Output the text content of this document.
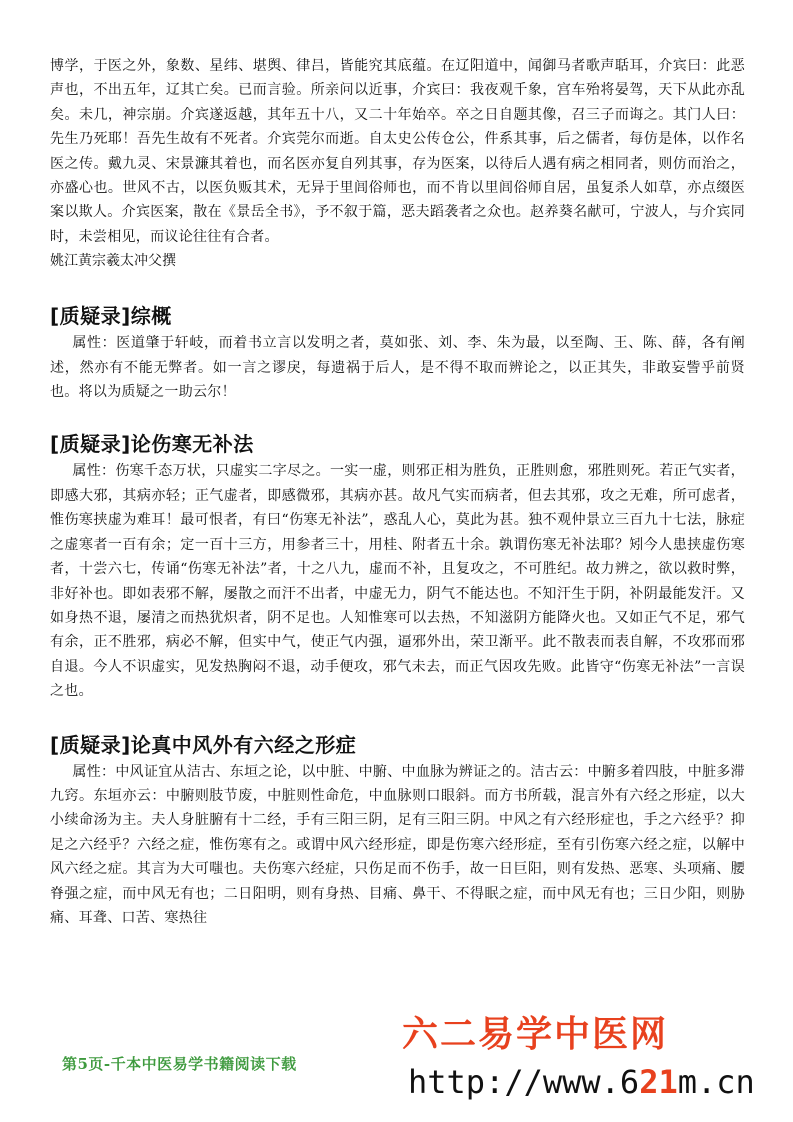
博学，于医之外，象数、星纬、堪舆、律吕，皆能究其底蕴。在辽阳道中，闻御马者歌声聒耳，介宾曰：此恶声也，不出五年，辽其亡矣。已而言验。所亲问以近事，介宾曰：我夜观千象，宫车殆将晏驾，天下从此亦乱矣。未几，神宗崩。介宾遂返越，其年五十八，又二十年始卒。卒之日自题其像，召三子而诲之。其门人曰：先生乃死耶！吾先生故有不死者。介宾莞尔而逝。自太史公传仓公，件系其事，后之儒者，每仿是体，以作名医之传。戴九灵、宋景濂其着也，而名医亦复自列其事，存为医案，以待后人遇有病之相同者，则仿而治之，亦盛心也。世风不古，以医负贩其术，无异于里闾俗师也，而不肯以里闾俗师自居，虽复杀人如草，亦点缀医案以欺人。介宾医案，散在《景岳全书》，予不叙于篇，恶夫蹈袭者之众也。赵养葵名献可，宁波人，与介宾同时，未尝相见，而议论往往有合者。

姚江黄宗羲太冲父撰

[质疑录]综概

属性：医道肇于轩岐，而着书立言以发明之者，莫如张、刘、李、朱为最，以至陶、王、陈、薛，各有阐述，然亦有不能无弊者。如一言之谬戾，每遗祸于后人，是不得不取而辨论之，以正其失，非敢妄訾乎前贤也。将以为质疑之一助云尔！

[质疑录]论伤寒无补法

属性：伤寒千态万状，只虚实二字尽之。一实一虚，则邪正相为胜负，正胜则愈，邪胜则死。若正气实者，即感大邪，其病亦轻；正气虚者，即感微邪，其病亦甚。故凡气实而病者，但去其邪，攻之无难，所可虑者，惟伤寒挟虚为难耳！最可恨者，有曰“伤寒无补法”，惑乱人心，莫此为甚。独不观仲景立三百九十七法，脉症之虚寒者一百有余；定一百十三方，用参者三十，用桂、附者五十余。孰谓伤寒无补法耶？矧今人患挟虚伤寒者，十尝六七，传诵“伤寒无补法”者，十之八九，虚而不补，且复攻之，不可胜纪。故力辨之，欲以救时弊，非好补也。即如表邪不解，屡散之而汗不出者，中虚无力，阴气不能达也。不知汗生于阴，补阴最能发汗。又如身热不退，屡清之而热犹炽者，阴不足也。人知惟寒可以去热，不知滋阴方能降火也。又如正气不足，邪气有余，正不胜邪，病必不解，但实中气，使正气内强，逼邪外出，荣卫渐平。此不散表而表自解，不攻邪而邪自退。今人不识虚实，见发热胸闷不退，动手便攻，邪气未去，而正气因攻先败。此皆守“伤寒无补法”一言误之也。

[质疑录]论真中风外有六经之形症

属性：中风证宜从洁古、东垣之论，以中脏、中腑、中血脉为辨证之的。洁古云：中腑多着四肢，中脏多滞九窍。东垣亦云：中腑则肢节废，中脏则性命危，中血脉则口眼斜。而方书所载，混言外有六经之形症，以大小续命汤为主。夫人身脏腑有十二经，手有三阳三阴，足有三阳三阴。中风之有六经形症也，手之六经乎？抑足之六经乎？六经之症，惟伤寒有之。或谓中风六经形症，即是伤寒六经形症，至有引伤寒六经之症，以解中风六经之症。其言为大可嗤也。夫伤寒六经症，只伤足而不伤手，故一日巨阳，则有发热、恶寒、头项痛、腰脊强之症，而中风无有也；二日阳明，则有身热、目痛、鼻干、不得眠之症，而中风无有也；三日少阳，则胁痛、耳聋、口苦、寒热往

第5页-千本中医易学书籍阅读下载
六二易学中医网
http://www.621m.cn
